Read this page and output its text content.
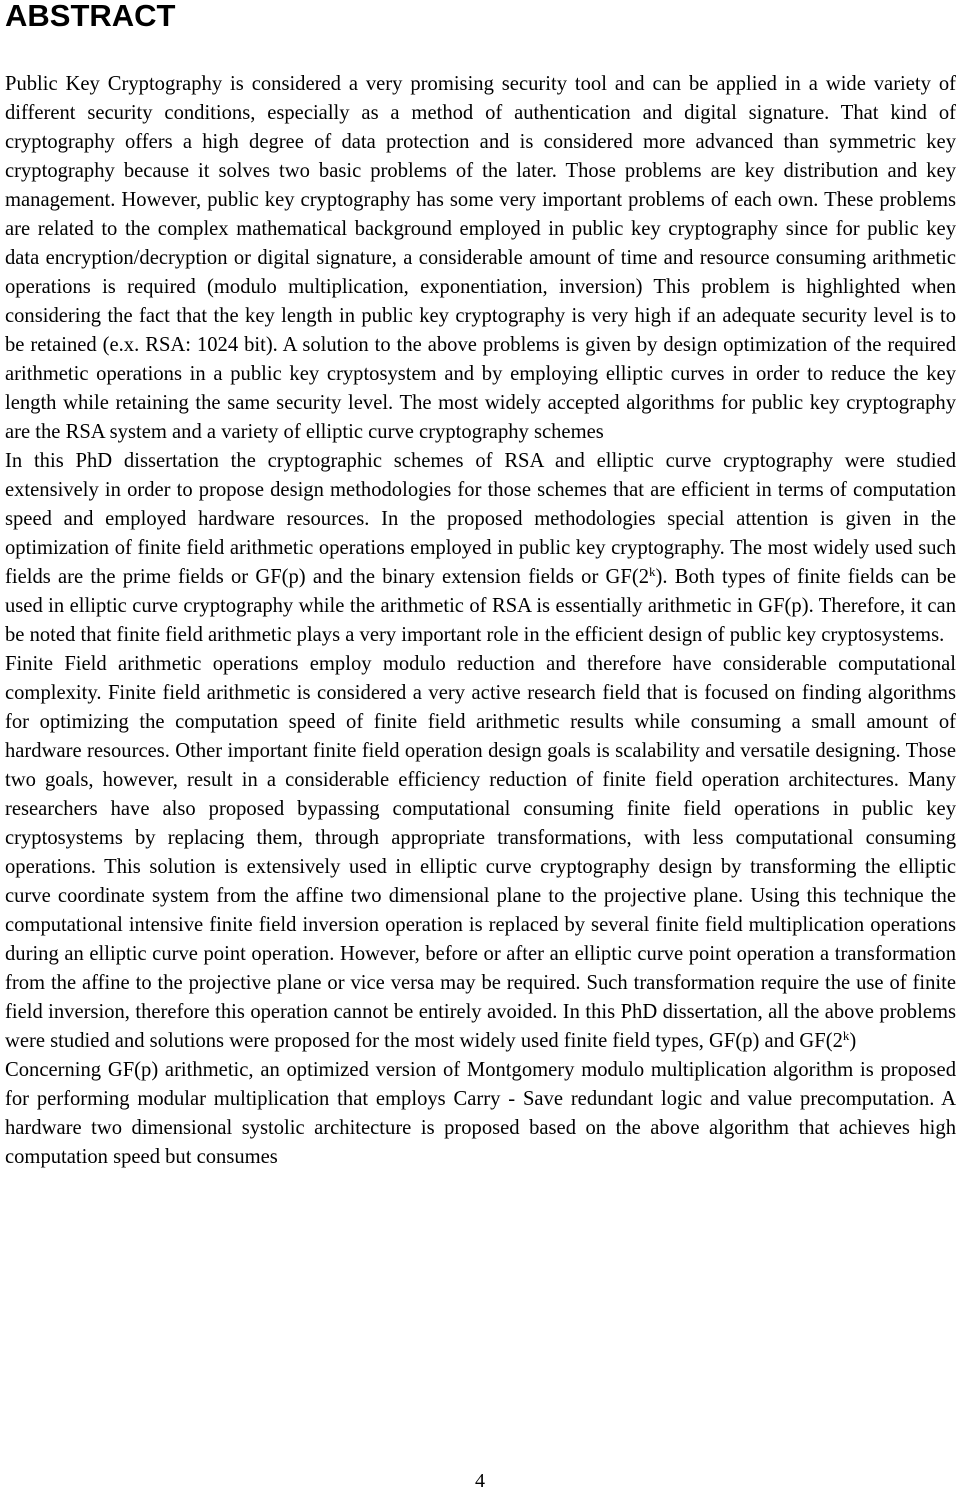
ABSTRACT

Public Key Cryptography is considered a very promising security tool and can be applied in a wide variety of different security conditions, especially as a method of authentication and digital signature. That kind of cryptography offers a high degree of data protection and is considered more advanced than symmetric key cryptography because it solves two basic problems of the later. Those problems are key distribution and key management. However, public key cryptography has some very important problems of each own. These problems are related to the complex mathematical background employed in public key cryptography since for public key data encryption/decryption or digital signature, a considerable amount of time and resource consuming arithmetic operations is required (modulo multiplication, exponentiation, inversion) This problem is highlighted when considering the fact that the key length in public key cryptography is very high if an adequate security level is to be retained (e.x. RSA: 1024 bit). A solution to the above problems is given by design optimization of the required arithmetic operations in a public key cryptosystem and by employing elliptic curves in order to reduce the key length while retaining the same security level. The most widely accepted algorithms for public key cryptography are the RSA system and a variety of elliptic curve cryptography schemes

In this PhD dissertation the cryptographic schemes of RSA and elliptic curve cryptography were studied extensively in order to propose design methodologies for those schemes that are efficient in terms of computation speed and employed hardware resources. In the proposed methodologies special attention is given in the optimization of finite field arithmetic operations employed in public key cryptography. The most widely used such fields are the prime fields or GF(p) and the binary extension fields or GF(2$^k$). Both types of finite fields can be used in elliptic curve cryptography while the arithmetic of RSA is essentially arithmetic in GF(p). Therefore, it can be noted that finite field arithmetic plays a very important role in the efficient design of public key cryptosystems.

Finite Field arithmetic operations employ modulo reduction and therefore have considerable computational complexity. Finite field arithmetic is considered a very active research field that is focused on finding algorithms for optimizing the computation speed of finite field arithmetic results while consuming a small amount of hardware resources. Other important finite field operation design goals is scalability and versatile designing. Those two goals, however, result in a considerable efficiency reduction of finite field operation architectures. Many researchers have also proposed bypassing computational consuming finite field operations in public key cryptosystems by replacing them, through appropriate transformations, with less computational consuming operations. This solution is extensively used in elliptic curve cryptography design by transforming the elliptic curve coordinate system from the affine two dimensional plane to the projective plane. Using this technique the computational intensive finite field inversion operation is replaced by several finite field multiplication operations during an elliptic curve point operation. However, before or after an elliptic curve point operation a transformation from the affine to the projective plane or vice versa may be required. Such transformation require the use of finite field inversion, therefore this operation cannot be entirely avoided. In this PhD dissertation, all the above problems were studied and solutions were proposed for the most widely used finite field types, GF(p) and GF(2$^k$)

Concerning GF(p) arithmetic, an optimized version of Montgomery modulo multiplication algorithm is proposed for performing modular multiplication that employs Carry - Save redundant logic and value precomputation. A hardware two dimensional systolic architecture is proposed based on the above algorithm that achieves high computation speed but consumes

4
